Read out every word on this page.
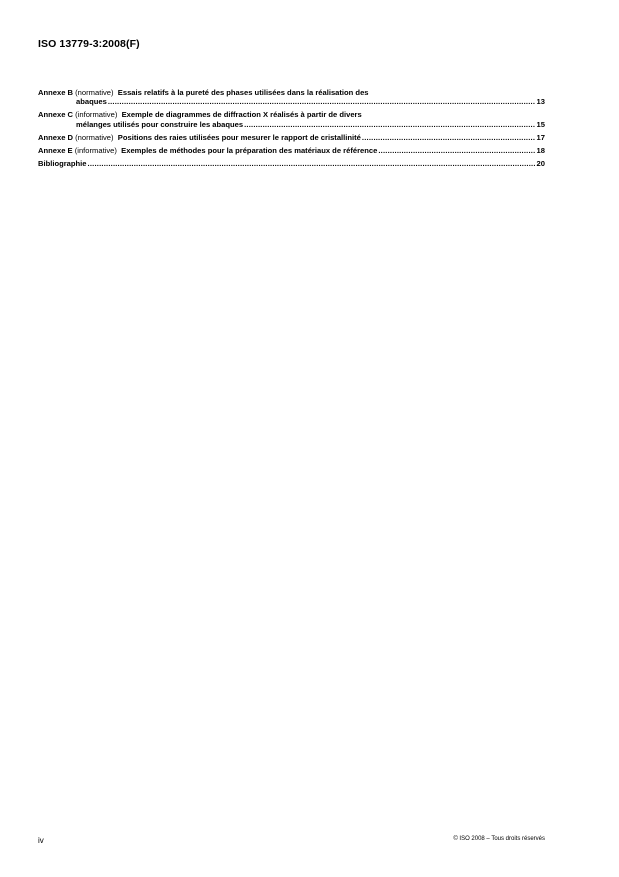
ISO 13779-3:2008(F)
Annexe B (normative) Essais relatifs à la pureté des phases utilisées dans la réalisation des
abaques .....	13
Annexe C (informative) Exemple de diagrammes de diffraction X réalisés à partir de divers
mélanges utilisés pour construire les abaques .....	15
Annexe D (normative) Positions des raies utilisées pour mesurer le rapport de cristallinité .....	17
Annexe E (informative) Exemples de méthodes pour la préparation des matériaux de référence .....	18
Bibliographie .....	20
iv	© ISO 2008 – Tous droits réservés
